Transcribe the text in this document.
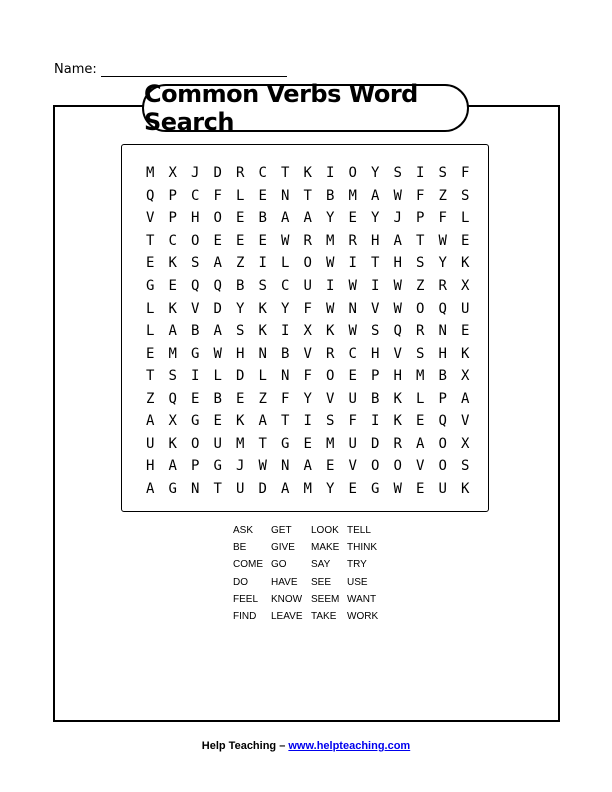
Name:
Common Verbs Word Search
M	X	J	D	R	C	T	K	I	O	Y	S	I	S	F
Q	P	C	F	L	E	N	T	B	M	A	W	F	Z	S
V	P	H	O	E	B	A	A	Y	E	Y	J	P	F	L
T	C	O	E	E	E	W	R	M	R	H	A	T	W	E
E	K	S	A	Z	I	L	O	W	I	T	H	S	Y	K
G	E	Q	Q	B	S	C	U	I	W	I	W	Z	R	X
L	K	V	D	Y	K	Y	F	W	N	V	W	O	Q	U
L	A	B	A	S	K	I	X	K	W	S	Q	R	N	E
E	M	G	W	H	N	B	V	R	C	H	V	S	H	K
T	S	I	L	D	L	N	F	O	E	P	H	M	B	X
Z	Q	E	B	E	Z	F	Y	V	U	B	K	L	P	A
A	X	G	E	K	A	T	I	S	F	I	K	E	Q	V
U	K	O	U	M	T	G	E	M	U	D	R	A	O	X
H	A	P	G	J	W	N	A	E	V	O	O	V	O	S
A	G	N	T	U	D	A	M	Y	E	G	W	E	U	K
ASK	GET	LOOK TELL
BE	GIVE	MAKE THINK
COME GO	SAY	TRY
DO	HAVE	SEE	USE
FEEL	KNOW SEEM WANT
FIND	LEAVE TAKE	WORK
Help Teaching – www.helpteaching.com
